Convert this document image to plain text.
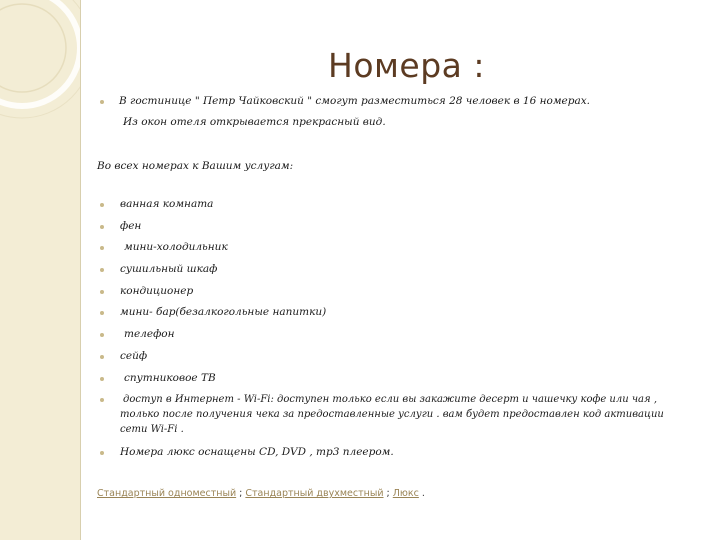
Номера :
В гостинице " Петр Чайковский " смогут разместиться 28 человек в 16 номерах.
Из окон отеля открывается прекрасный вид.
Во всех номерах к Вашим услугам:
ванная комната
фен
мини-холодильник
сушильный шкаф
кондиционер
мини- бар(безалкогольные напитки)
телефон
сейф
спутниковое ТВ
доступ в Интернет - Wi-Fi: доступен только если вы закажите десерт и чашечку кофе или чая ,
только после получения чека за предоставленные услуги . вам будет предоставлен код активации
сети Wi-Fi .
Номера люкс оснащены CD, DVD , mp3 плеером.
Стандартный одноместный ; Стандартный двухместный ; Люкс .
